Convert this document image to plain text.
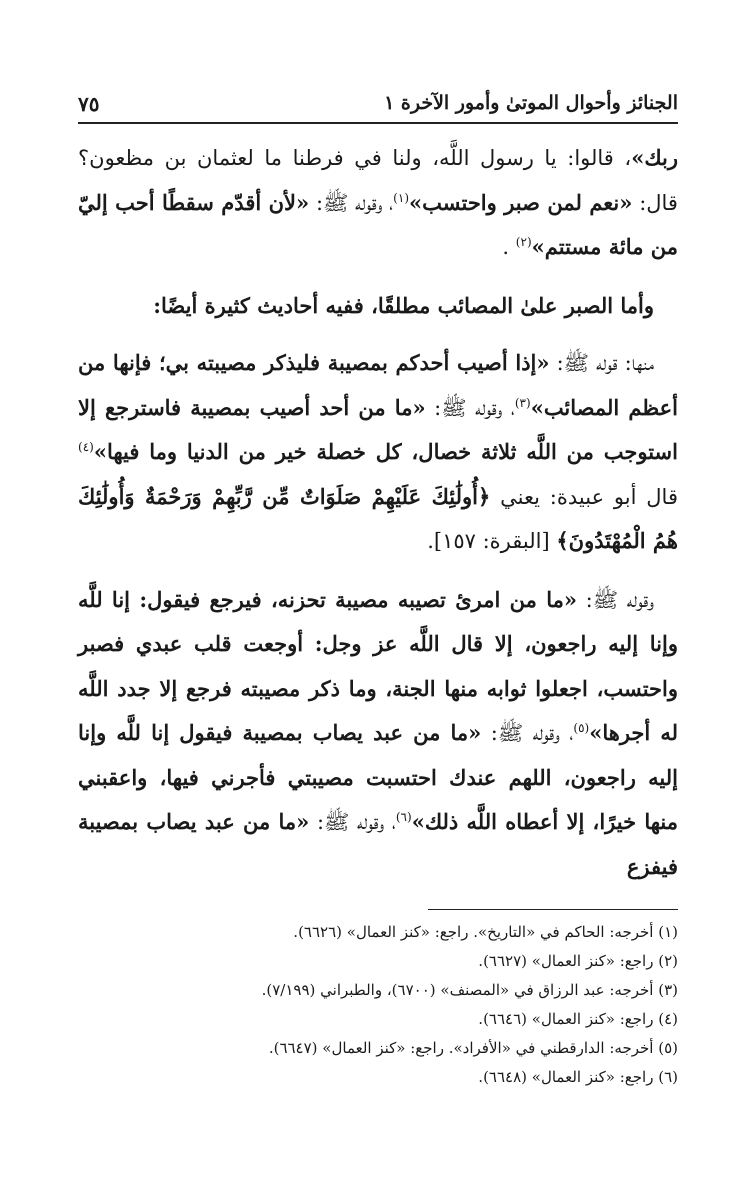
الجنائز وأحوال الموتىٰ وأمور الآخرة ١
٧٥

ربك»، قالوا: يا رسول اللَّه، ولنا في فرطنا ما لعثمان بن مظعون؟ قال: «نعم لمن صبر واحتسب»$^{(١)}$، وقوله ﷺ: «لأن أقدّم سقطًا أحب إليّ من مائة مستتم»$^{(٢)}$ .

وأما الصبر علىٰ المصائب مطلقًا، ففيه أحاديث كثيرة أيضًا:

منها: قوله ﷺ: «إذا أصيب أحدكم بمصيبة فليذكر مصيبته بي؛ فإنها من أعظم المصائب»$^{(٣)}$، وقوله ﷺ: «ما من أحد أصيب بمصيبة فاسترجع إلا استوجب من اللَّه ثلاثة خصال، كل خصلة خير من الدنيا وما فيها»$^{(٤)}$ قال أبو عبيدة: يعني ﴿أُولَٰئِكَ عَلَيْهِمْ صَلَوَاتٌ مِّن رَّبِّهِمْ وَرَحْمَةٌ وَأُولَٰئِكَ هُمُ الْمُهْتَدُونَ﴾ [البقرة: ١٥٧].

وقوله ﷺ: «ما من امرئ تصيبه مصيبة تحزنه، فيرجع فيقول: إنا للَّه وإنا إليه راجعون، إلا قال اللَّه عز وجل: أوجعت قلب عبدي فصبر واحتسب، اجعلوا ثوابه منها الجنة، وما ذكر مصيبته فرجع إلا جدد اللَّه له أجرها»$^{(٥)}$، وقوله ﷺ: «ما من عبد يصاب بمصيبة فيقول إنا للَّه وإنا إليه راجعون، اللهم عندك احتسبت مصيبتي فأجرني فيها، واعقبني منها خيرًا، إلا أعطاه اللَّه ذلك»$^{(٦)}$، وقوله ﷺ: «ما من عبد يصاب بمصيبة فيفزع

(١) أخرجه: الحاكم في «التاريخ». راجع: «كنز العمال» (٦٦٢٦).
(٢) راجع: «كنز العمال» (٦٦٢٧).
(٣) أخرجه: عبد الرزاق في «المصنف» (٦٧٠٠)، والطبراني (٧/١٩٩).
(٤) راجع: «كنز العمال» (٦٦٤٦).
(٥) أخرجه: الدارقطني في «الأفراد». راجع: «كنز العمال» (٦٦٤٧).
(٦) راجع: «كنز العمال» (٦٦٤٨).
